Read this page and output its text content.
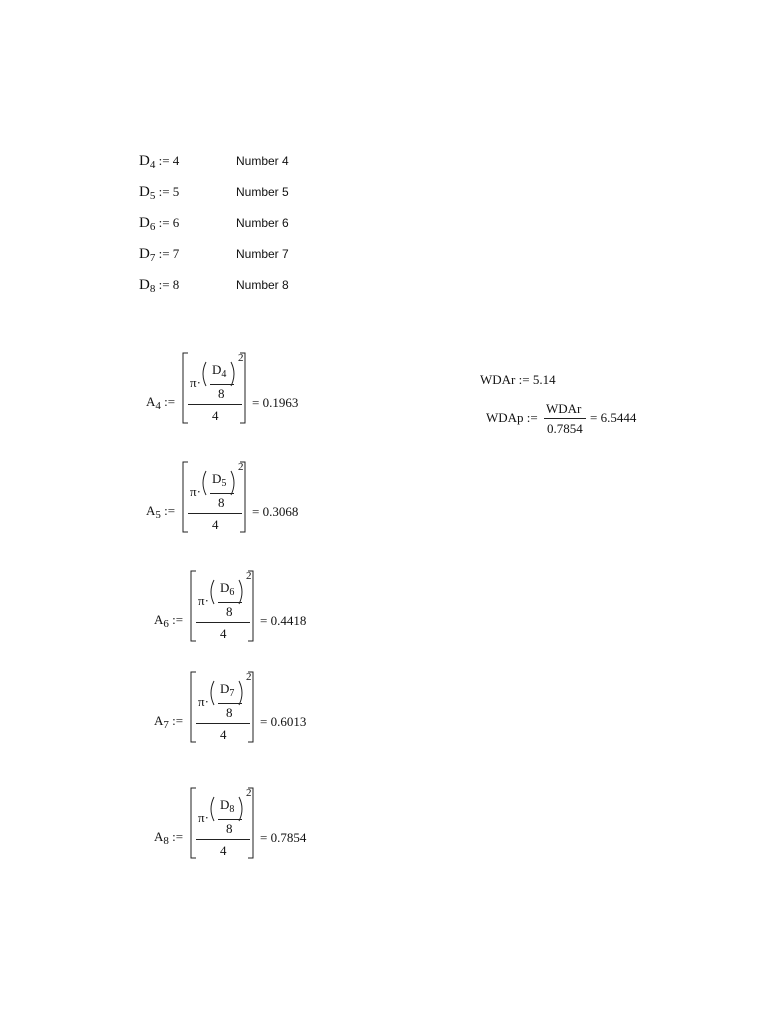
$D_4$ := 4	Number 4
$D_5$ := 5	Number 5
$D_6$ := 6	Number 6
$D_7$ := 7	Number 7
$D_8$ := 8	Number 8
$A_4$ :=
π·
$D_4$
8
2
4
= 0.1963
$A_5$ :=
π·
$D_5$
8
2
4
= 0.3068
$A_6$ :=
π·
$D_6$
8
2
4
= 0.4418
$A_7$ :=
π·
$D_7$
8
2
4
= 0.6013
$A_8$ :=
π·
$D_8$
8
2
4
= 0.7854
WDAr := 5.14
WDAp :=
WDAr
0.7854
= 6.5444
